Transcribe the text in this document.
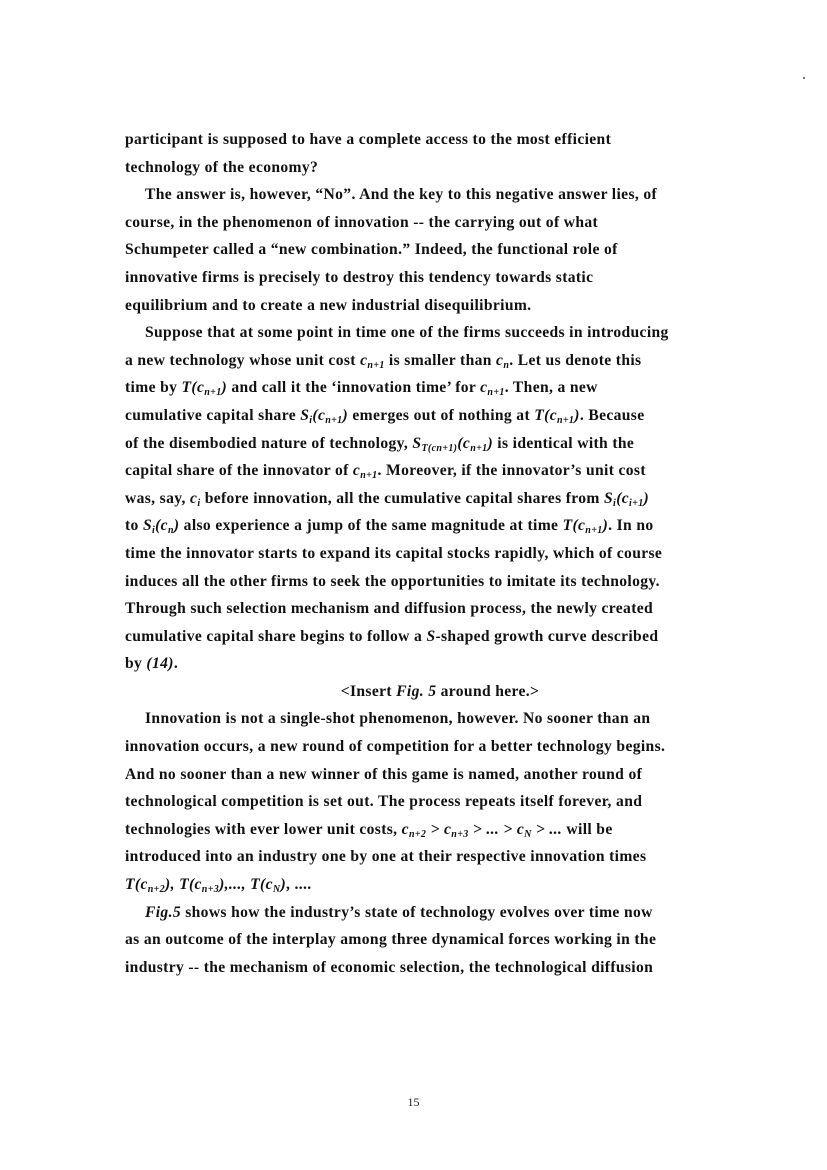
participant is supposed to have a complete access to the most efficient
technology of the economy?
The answer is, however, “No”. And the key to this negative answer lies, of
course, in the phenomenon of innovation -- the carrying out of what
Schumpeter called a “new combination.” Indeed, the functional role of
innovative firms is precisely to destroy this tendency towards static
equilibrium and to create a new industrial disequilibrium.
Suppose that at some point in time one of the firms succeeds in introducing
a new technology whose unit cost $c_{n+1}$ is smaller than $c_n$. Let us denote this
time by $T(c_{n+1})$ and call it the ‘innovation time’ for $c_{n+1}$. Then, a new
cumulative capital share $S_i(c_{n+1})$ emerges out of nothing at $T(c_{n+1})$. Because
of the disembodied nature of technology, $S_{T(cn+1)}(c_{n+1})$ is identical with the
capital share of the innovator of $c_{n+1}$. Moreover, if the innovator’s unit cost
was, say, $c_i$ before innovation, all the cumulative capital shares from $S_i(c_{i+1})$
to $S_i(c_n)$ also experience a jump of the same magnitude at time $T(c_{n+1})$. In no
time the innovator starts to expand its capital stocks rapidly, which of course
induces all the other firms to seek the opportunities to imitate its technology.
Through such selection mechanism and diffusion process, the newly created
cumulative capital share begins to follow a S-shaped growth curve described
by (14).
<Insert Fig. 5 around here.>
Innovation is not a single-shot phenomenon, however. No sooner than an
innovation occurs, a new round of competition for a better technology begins.
And no sooner than a new winner of this game is named, another round of
technological competition is set out. The process repeats itself forever, and
technologies with ever lower unit costs, $c_{n+2} > c_{n+3}$ > ... > $c_N$ > ... will be
introduced into an industry one by one at their respective innovation times
$T(c_{n+2})$, $T(c_{n+3})$,..., $T(c_N)$, ....
Fig.5 shows how the industry’s state of technology evolves over time now
as an outcome of the interplay among three dynamical forces working in the
industry -- the mechanism of economic selection, the technological diffusion
15
